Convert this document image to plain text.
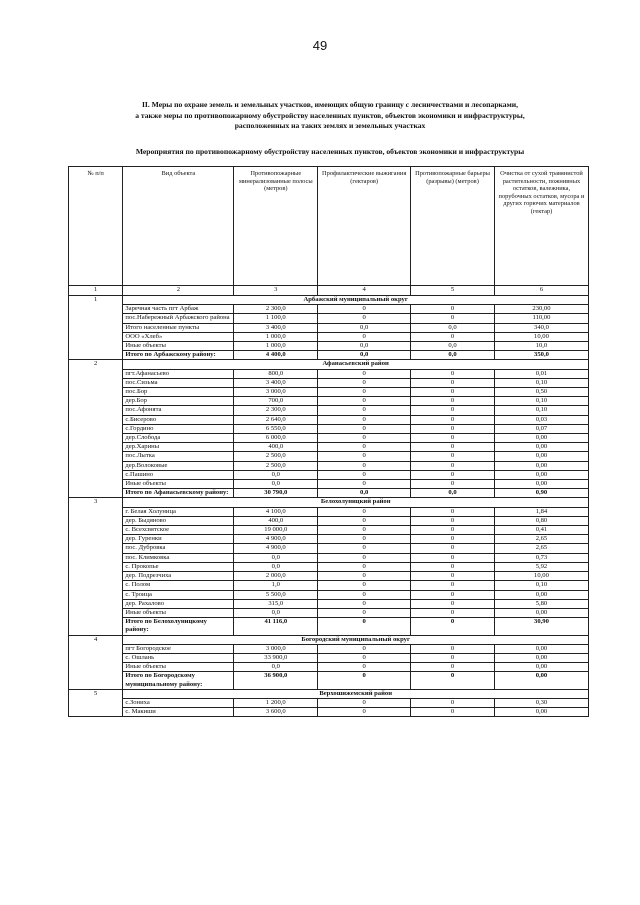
49
II. Меры по охране земель и земельных участков, имеющих общую границу с лесничествами и лесопарками,
а также меры по противопожарному обустройству населенных пунктов, объектов экономики и инфраструктуры,
расположенных на таких землях и земельных участках
Мероприятия по противопожарному обустройству населенных пунктов, объектов экономики и инфраструктуры
№ п/п	Вид объекта	Противопожарные минерализованные полосы (метров)	Профилактические выжигания (гектаров)	Противопожарные барьеры (разрывы) (метров)	Очистка от сухой травянистой растительности, пожнивных остатков, валежника, порубочных остатков, мусора и других горючих материалов (гектар)
1	2	3	4	5	6
1	Арбажский муниципальный округ				
	Заречная часть пгт Арбаж	2 300,0	0	0	230,00
	пос.Набережный Арбажского района	1 100,0	0	0	110,00
	Итого населенные пункты	3 400,0	0,0	0,0	340,0
	ООО «Хлеб»	1 000,0	0	0	10,00
	Иные объекты	1 000,0	0,0	0,0	10,0
	Итого по Арбажскому району:	4 400,0	0,0	0,0	350,0
2	Афанасьевский район				
	пгт.Афанасьево	800,0	0	0	0,01
	пос.Сизьма	3 400,0	0	0	0,10
	пос.Бор	3 000,0	0	0	0,50
	дер.Бор	700,0	0	0	0,10
	пос.Афонята	2 300,0	0	0	0,10
	с.Бисерово	2 640,0	0	0	0,03
	с.Гордино	6 550,0	0	0	0,07
	дер.Слобода	6 000,0	0	0	0,00
	дер.Харины	400,0	0	0	0,00
	пос.Лытка	2 500,0	0	0	0,00
	дер.Волоковые	2 500,0	0	0	0,00
	с.Пашино	0,0	0	0	0,00
	Иные объекты	0,0	0	0	0,00
	Итого по Афанасьевскому району:	30 790,0	0,0	0,0	0,90
3	Белохолуницкий район				
	г. Белая Холуница	4 100,0	0	0	1,84
	дер. Быдяново	400,0	0	0	0,80
	с. Всехсвятское	19 000,0	0	0	0,41
	дер. Гуренки	4 900,0	0	0	2,65
	пос. Дубровка	4 900,0	0	0	2,65
	пос. Климковка	0,0	0	0	0,73
	с. Прокопье	0,0	0	0	5,92
	дер. Подрезчиха	2 000,0	0	0	10,00
	с. Полом	1,0	0	0	0,10
	с. Троица	5 500,0	0	0	0,00
	дер. Рахалово	315,0	0	0	5,80
	Иные объекты	0,0	0	0	0,00
	Итого по Белохолуницкому району:	41 116,0	0	0	30,90
4	Богородский муниципальный округ				
	пгт Богородское	3 000,0	0	0	0,00
	с. Ошлань	33 900,0	0	0	0,00
	Иные объекты	0,0	0	0	0,00
	Итого по Богородскому муниципальному району:	36 900,0	0	0	0,00
5	Верхошижемский район				
	с.Зониха	1 200,0	0	0	0,30
	с. Макиши	3 600,0	0	0	0,00
